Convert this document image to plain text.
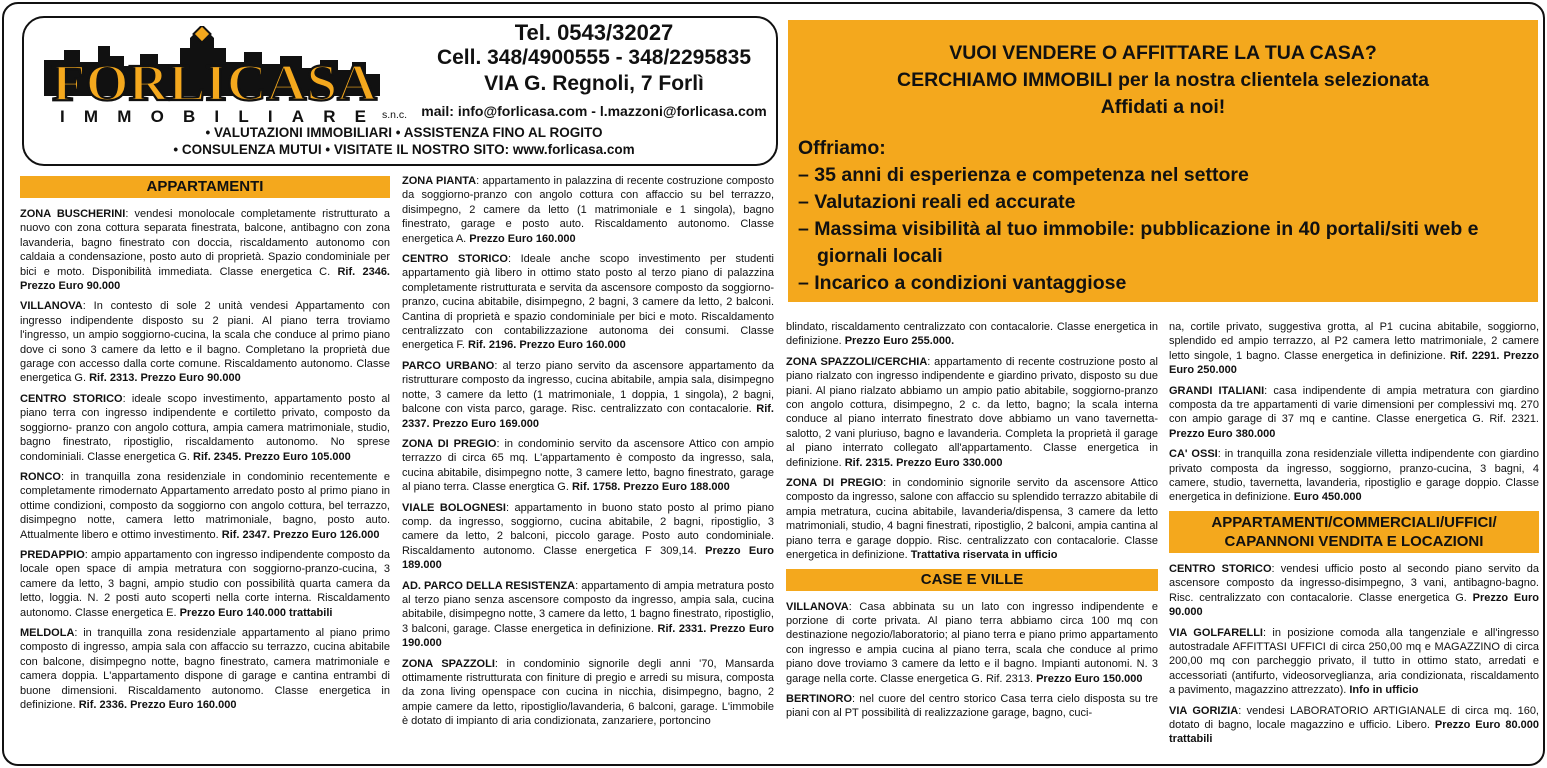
FORLICASA
IMMOBILIARE s.n.c.
Tel. 0543/32027
Cell. 348/4900555 - 348/2295835
VIA G. Regnoli, 7 Forlì
mail: info@forlicasa.com - l.mazzoni@forlicasa.com
• VALUTAZIONI IMMOBILIARI • ASSISTENZA FINO AL ROGITO
• CONSULENZA MUTUI • VISITATE IL NOSTRO SITO: www.forlicasa.com
VUOI VENDERE O AFFITTARE LA TUA CASA?
CERCHIAMO IMMOBILI per la nostra clientela selezionata
Affidati a noi!
Offriamo:
– 35 anni di esperienza e competenza nel settore
– Valutazioni reali ed accurate
– Massima visibilità al tuo immobile: pubblicazione in 40 portali/siti web e
giornali locali
– Incarico a condizioni vantaggiose
APPARTAMENTI

ZONA BUSCHERINI: vendesi monolocale completamente ristrutturato a nuovo con zona cottura separata finestrata, balcone, antibagno con zona lavanderia, bagno finestrato con doccia, riscaldamento autonomo con caldaia a condensazione, posto auto di proprietà. Spazio condominiale per bici e moto. Disponibilità immediata. Classe energetica C. Rif. 2346. Prezzo Euro 90.000

VILLANOVA: In contesto di sole 2 unità vendesi Appartamento con ingresso indipendente disposto su 2 piani. Al piano terra troviamo l'ingresso, un ampio soggiorno-cucina, la scala che conduce al primo piano dove ci sono 3 camere da letto e il bagno. Completano la proprietà due garage con accesso dalla corte comune. Riscaldamento autonomo. Classe energetica G. Rif. 2313. Prezzo Euro 90.000

CENTRO STORICO: ideale scopo investimento, appartamento posto al piano terra con ingresso indipendente e cortiletto privato, composto da soggiorno- pranzo con angolo cottura, ampia camera matrimoniale, studio, bagno finestrato, ripostiglio, riscaldamento autonomo. No sprese condominiali. Classe energetica G. Rif. 2345. Prezzo Euro 105.000

RONCO: in tranquilla zona residenziale in condominio recentemente e completamente rimodernato Appartamento arredato posto al primo piano in ottime condizioni, composto da soggiorno con angolo cottura, bel terrazzo, disimpegno notte, camera letto matrimoniale, bagno, posto auto. Attualmente libero e ottimo investimento. Rif. 2347. Prezzo Euro 126.000

PREDAPPIO: ampio appartamento con ingresso indipendente composto da locale open space di ampia metratura con soggiorno-pranzo-cucina, 3 camere da letto, 3 bagni, ampio studio con possibilità quarta camera da letto, loggia. N. 2 posti auto scoperti nella corte interna. Riscaldamento autonomo. Classe energetica E. Prezzo Euro 140.000 trattabili

MELDOLA: in tranquilla zona residenziale appartamento al piano primo composto di ingresso, ampia sala con affaccio su terrazzo, cucina abitabile con balcone, disimpegno notte, bagno finestrato, camera matrimoniale e camera doppia. L'appartamento dispone di garage e cantina entrambi di buone dimensioni. Riscaldamento autonomo. Classe energetica in definizione. Rif. 2336. Prezzo Euro 160.000

ZONA PIANTA: appartamento in palazzina di recente costruzione composto da soggiorno-pranzo con angolo cottura con affaccio su bel terrazzo, disimpegno, 2 camere da letto (1 matrimoniale e 1 singola), bagno finestrato, garage e posto auto. Riscaldamento autonomo. Classe energetica A. Prezzo Euro 160.000

CENTRO STORICO: Ideale anche scopo investimento per studenti appartamento già libero in ottimo stato posto al terzo piano di palazzina completamente ristrutturata e servita da ascensore composto da soggiorno-pranzo, cucina abitabile, disimpegno, 2 bagni, 3 camere da letto, 2 balconi. Cantina di proprietà e spazio condominiale per bici e moto. Riscaldamento centralizzato con contabilizzazione autonoma dei consumi. Classe energetica F. Rif. 2196. Prezzo Euro 160.000

PARCO URBANO: al terzo piano servito da ascensore appartamento da ristrutturare composto da ingresso, cucina abitabile, ampia sala, disimpegno notte, 3 camere da letto (1 matrimoniale, 1 doppia, 1 singola), 2 bagni, balcone con vista parco, garage. Risc. centralizzato con contacalorie. Rif. 2337. Prezzo Euro 169.000

ZONA DI PREGIO: in condominio servito da ascensore Attico con ampio terrazzo di circa 65 mq. L'appartamento è composto da ingresso, sala, cucina abitabile, disimpegno notte, 3 camere letto, bagno finestrato, garage al piano terra. Classe energtica G. Rif. 1758. Prezzo Euro 188.000

VIALE BOLOGNESI: appartamento in buono stato posto al primo piano comp. da ingresso, soggiorno, cucina abitabile, 2 bagni, ripostiglio, 3 camere da letto, 2 balconi, piccolo garage. Posto auto condominiale. Riscaldamento autonomo. Classe energetica F 309,14. Prezzo Euro 189.000

AD. PARCO DELLA RESISTENZA: appartamento di ampia metratura posto al terzo piano senza ascensore composto da ingresso, ampia sala, cucina abitabile, disimpegno notte, 3 camere da letto, 1 bagno finestrato, ripostiglio, 3 balconi, garage. Classe energetica in definizione. Rif. 2331. Prezzo Euro 190.000

ZONA SPAZZOLI: in condominio signorile degli anni '70, Mansarda ottimamente ristrutturata con finiture di pregio e arredi su misura, composta da zona living openspace con cucina in nicchia, disimpegno, bagno, 2 ampie camere da letto, ripostiglio/lavanderia, 6 balconi, garage. L'immobile è dotato di impianto di aria condizionata, zanzariere, portoncino

blindato, riscaldamento centralizzato con contacalorie. Classe energetica in definizione. Prezzo Euro 255.000.

ZONA SPAZZOLI/CERCHIA: appartamento di recente costruzione posto al piano rialzato con ingresso indipendente e giardino privato, disposto su due piani. Al piano rialzato abbiamo un ampio patio abitabile, soggiorno-pranzo con angolo cottura, disimpegno, 2 c. da letto, bagno; la scala interna conduce al piano interrato finestrato dove abbiamo un vano tavernetta-salotto, 2 vani pluriuso, bagno e lavanderia. Completa la proprietà il garage al piano interrato collegato all'appartamento. Classe energetica in definizione. Rif. 2315. Prezzo Euro 330.000

ZONA DI PREGIO: in condominio signorile servito da ascensore Attico composto da ingresso, salone con affaccio su splendido terrazzo abitabile di ampia metratura, cucina abitabile, lavanderia/dispensa, 3 camere da letto matrimoniali, studio, 4 bagni finestrati, ripostiglio, 2 balconi, ampia cantina al piano terra e garage doppio. Risc. centralizzato con contacalorie. Classe energetica in definizione. Trattativa riservata in ufficio

CASE E VILLE

VILLANOVA: Casa abbinata su un lato con ingresso indipendente e porzione di corte privata. Al piano terra abbiamo circa 100 mq con destinazione negozio/laboratorio; al piano terra e piano primo appartamento con ingresso e ampia cucina al piano terra, scala che conduce al primo piano dove troviamo 3 camere da letto e il bagno. Impianti autonomi. N. 3 garage nella corte. Classe energetica G. Rif. 2313. Prezzo Euro 150.000

BERTINORO: nel cuore del centro storico Casa terra cielo disposta su tre piani con al PT possibilità di realizzazione garage, bagno, cuci-

na, cortile privato, suggestiva grotta, al P1 cucina abitabile, soggiorno, splendido ed ampio terrazzo, al P2 camera letto matrimoniale, 2 camere letto singole, 1 bagno. Classe energetica in definizione. Rif. 2291. Prezzo Euro 250.000

GRANDI ITALIANI: casa indipendente di ampia metratura con giardino composta da tre appartamenti di varie dimensioni per complessivi mq. 270 con ampio garage di 37 mq e cantine. Classe energetica G. Rif. 2321. Prezzo Euro 380.000

CA' OSSI: in tranquilla zona residenziale villetta indipendente con giardino privato composta da ingresso, soggiorno, pranzo-cucina, 3 bagni, 4 camere, studio, tavernetta, lavanderia, ripostiglio e garage doppio. Classe energetica in definizione. Euro 450.000

APPARTAMENTI/COMMERCIALI/UFFICI/
CAPANNONI VENDITA E LOCAZIONI

CENTRO STORICO: vendesi ufficio posto al secondo piano servito da ascensore composto da ingresso-disimpegno, 3 vani, antibagno-bagno. Risc. centralizzato con contacalorie. Classe energetica G. Prezzo Euro 90.000

VIA GOLFARELLI: in posizione comoda alla tangenziale e all'ingresso autostradale AFFITTASI UFFICI di circa 250,00 mq e MAGAZZINO di circa 200,00 mq con parcheggio privato, il tutto in ottimo stato, arredati e accessoriati (antifurto, videosorveglianza, aria condizionata, riscaldamento a pavimento, magazzino attrezzato). Info in ufficio

VIA GORIZIA: vendesi LABORATORIO ARTIGIANALE di circa mq. 160, dotato di bagno, locale magazzino e ufficio. Libero. Prezzo Euro 80.000 trattabili
